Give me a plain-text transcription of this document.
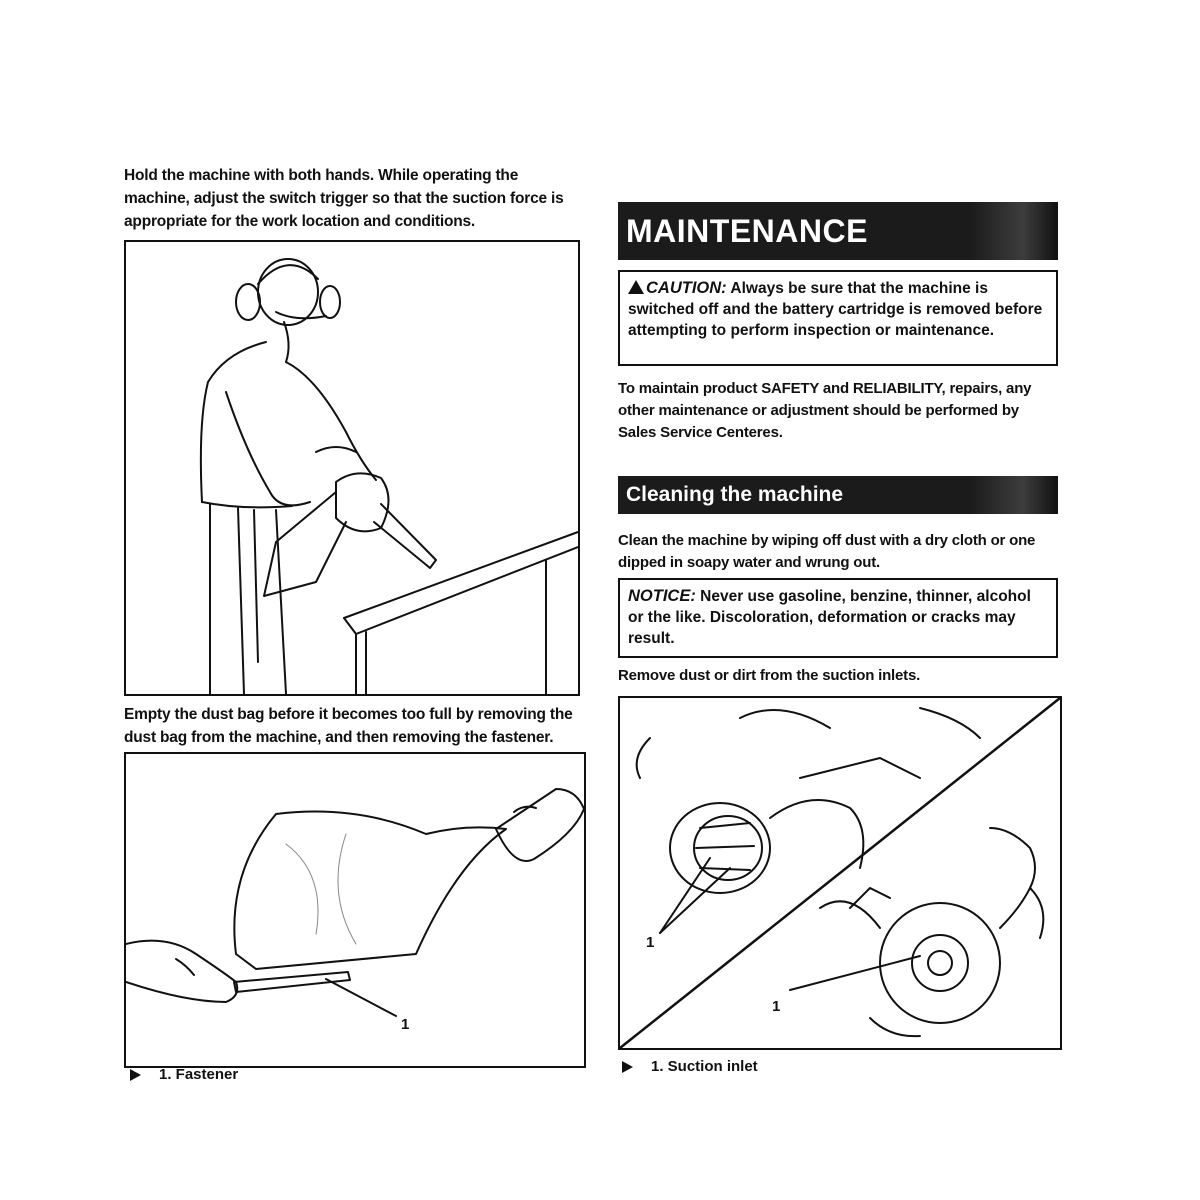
Hold the machine with both hands. While operating the machine, adjust the switch trigger so that the suction force is appropriate for the work location and conditions.
Empty the dust bag before it becomes too full by removing the dust bag from the machine, and then removing the fastener.
1
1. Fastener
MAINTENANCE
CAUTION: Always be sure that the machine is switched off and the battery cartridge is removed before attempting to perform inspection or maintenance.
To maintain product SAFETY and RELIABILITY, repairs, any other maintenance or adjustment should be performed by Sales Service Centeres.
Cleaning the machine
Clean the machine by wiping off dust with a dry cloth or one dipped in soapy water and wrung out.
NOTICE: Never use gasoline, benzine, thinner, alcohol or the like. Discoloration, deformation or cracks may result.
Remove dust or dirt from the suction inlets.
1
1
1. Suction inlet
